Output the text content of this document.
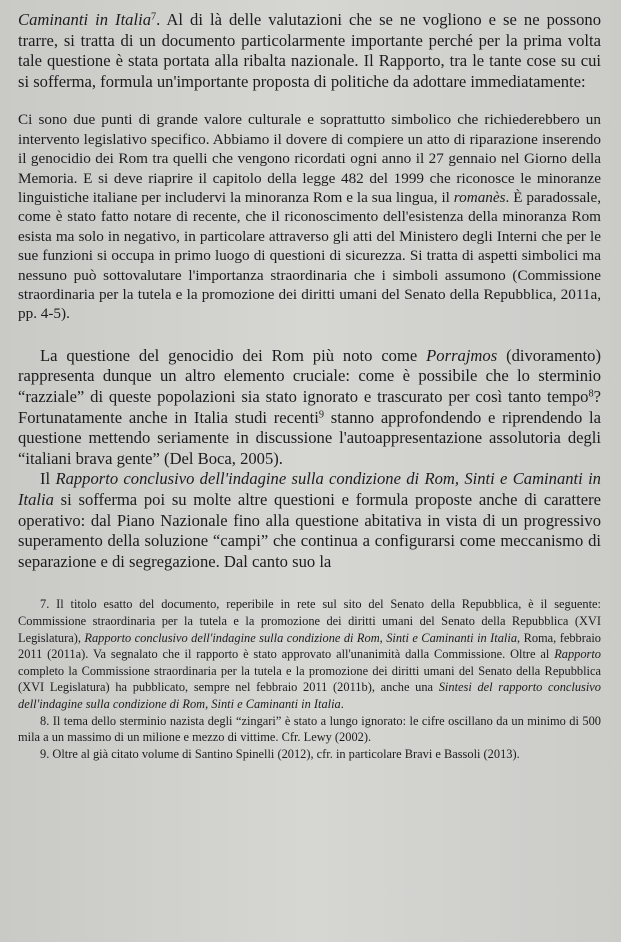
Caminanti in Italia$^7$. Al di là delle valutazioni che se ne vogliono e se ne possono trarre, si tratta di un documento particolarmente importante perché per la prima volta tale questione è stata portata alla ribalta nazionale. Il Rapporto, tra le tante cose su cui si sofferma, formula un'importante proposta di politiche da adottare immediatamente:

Ci sono due punti di grande valore culturale e soprattutto simbolico che richiederebbero un intervento legislativo specifico. Abbiamo il dovere di compiere un atto di riparazione inserendo il genocidio dei Rom tra quelli che vengono ricordati ogni anno il 27 gennaio nel Giorno della Memoria. E si deve riaprire il capitolo della legge 482 del 1999 che riconosce le minoranze linguistiche italiane per includervi la minoranza Rom e la sua lingua, il romanès. È paradossale, come è stato fatto notare di recente, che il riconoscimento dell'esistenza della minoranza Rom esista ma solo in negativo, in particolare attraverso gli atti del Ministero degli Interni che per le sue funzioni si occupa in primo luogo di questioni di sicurezza. Si tratta di aspetti simbolici ma nessuno può sottovalutare l'importanza straordinaria che i simboli assumono (Commissione straordinaria per la tutela e la promozione dei diritti umani del Senato della Repubblica, 2011a, pp. 4-5).

La questione del genocidio dei Rom più noto come Porrajmos (divoramento) rappresenta dunque un altro elemento cruciale: come è possibile che lo sterminio “razziale” di queste popolazioni sia stato ignorato e trascurato per così tanto tempo$^8$? Fortunatamente anche in Italia studi recenti$^9$ stanno approfondendo e riprendendo la questione mettendo seriamente in discussione l'autoappresentazione assolutoria degli “italiani brava gente” (Del Boca, 2005).

Il Rapporto conclusivo dell'indagine sulla condizione di Rom, Sinti e Caminanti in Italia si sofferma poi su molte altre questioni e formula proposte anche di carattere operativo: dal Piano Nazionale fino alla questione abitativa in vista di un progressivo superamento della soluzione “campi” che continua a configurarsi come meccanismo di separazione e di segregazione. Dal canto suo la

7. Il titolo esatto del documento, reperibile in rete sul sito del Senato della Repubblica, è il seguente: Commissione straordinaria per la tutela e la promozione dei diritti umani del Senato della Repubblica (XVI Legislatura), Rapporto conclusivo dell'indagine sulla condizione di Rom, Sinti e Caminanti in Italia, Roma, febbraio 2011 (2011a). Va segnalato che il rapporto è stato approvato all'unanimità dalla Commissione. Oltre al Rapporto completo la Commissione straordinaria per la tutela e la promozione dei diritti umani del Senato della Repubblica (XVI Legislatura) ha pubblicato, sempre nel febbraio 2011 (2011b), anche una Sintesi del rapporto conclusivo dell'indagine sulla condizione di Rom, Sinti e Caminanti in Italia.

8. Il tema dello sterminio nazista degli “zingari” è stato a lungo ignorato: le cifre oscillano da un minimo di 500 mila a un massimo di un milione e mezzo di vittime. Cfr. Lewy (2002).

9. Oltre al già citato volume di Santino Spinelli (2012), cfr. in particolare Bravi e Bassoli (2013).
